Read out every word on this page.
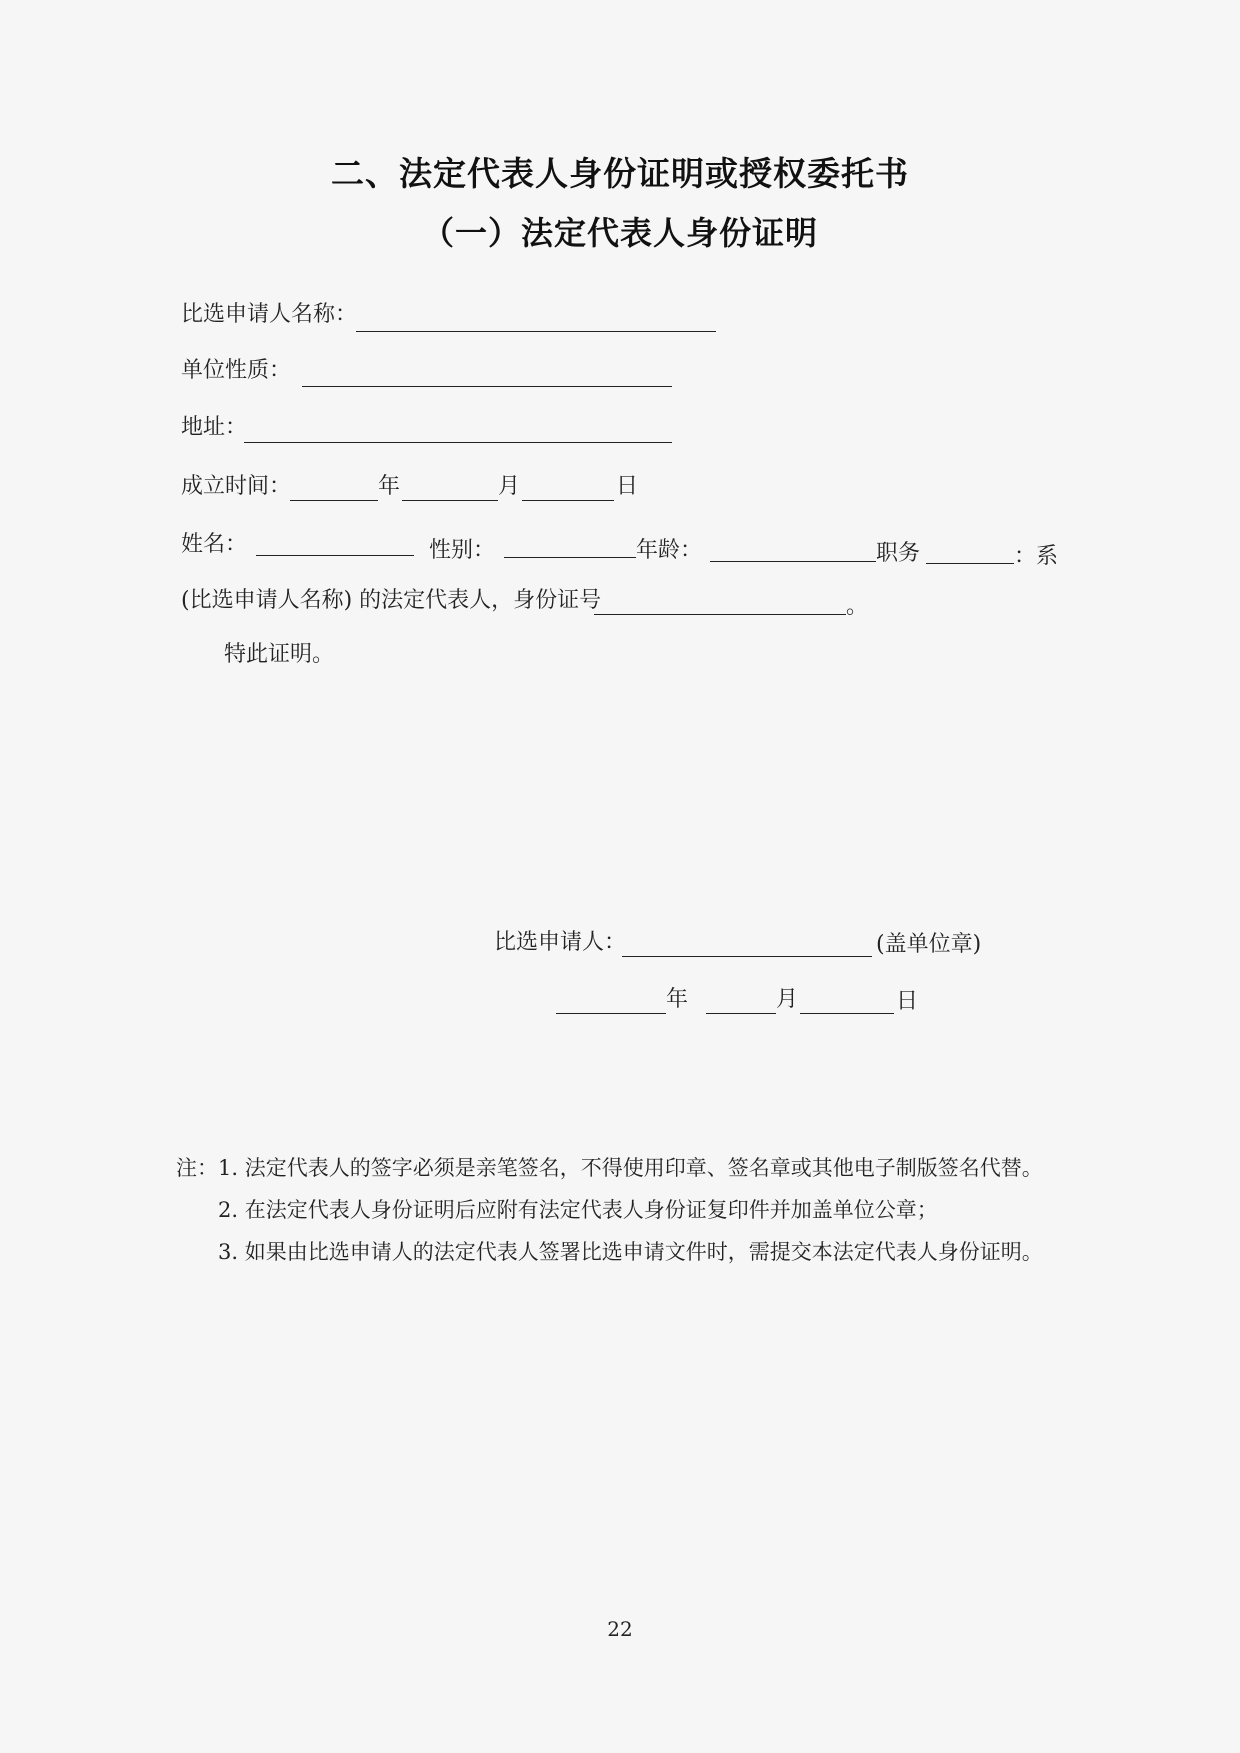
二、法定代表人身份证明或授权委托书
（一）法定代表人身份证明
比选申请人名称：
单位性质：
地址：
成立时间：	年	月	日
姓名：	性别：	年龄：	职务	：系
(比选申请人名称) 的法定代表人，身份证号	。
特此证明。
比选申请人：	(盖单位章)
年	月	日
注： 1. 法定代表人的签字必须是亲笔签名，不得使用印章、签名章或其他电子制版签名代替。
2. 在法定代表人身份证明后应附有法定代表人身份证复印件并加盖单位公章；
3. 如果由比选申请人的法定代表人签署比选申请文件时，需提交本法定代表人身份证明。
22
